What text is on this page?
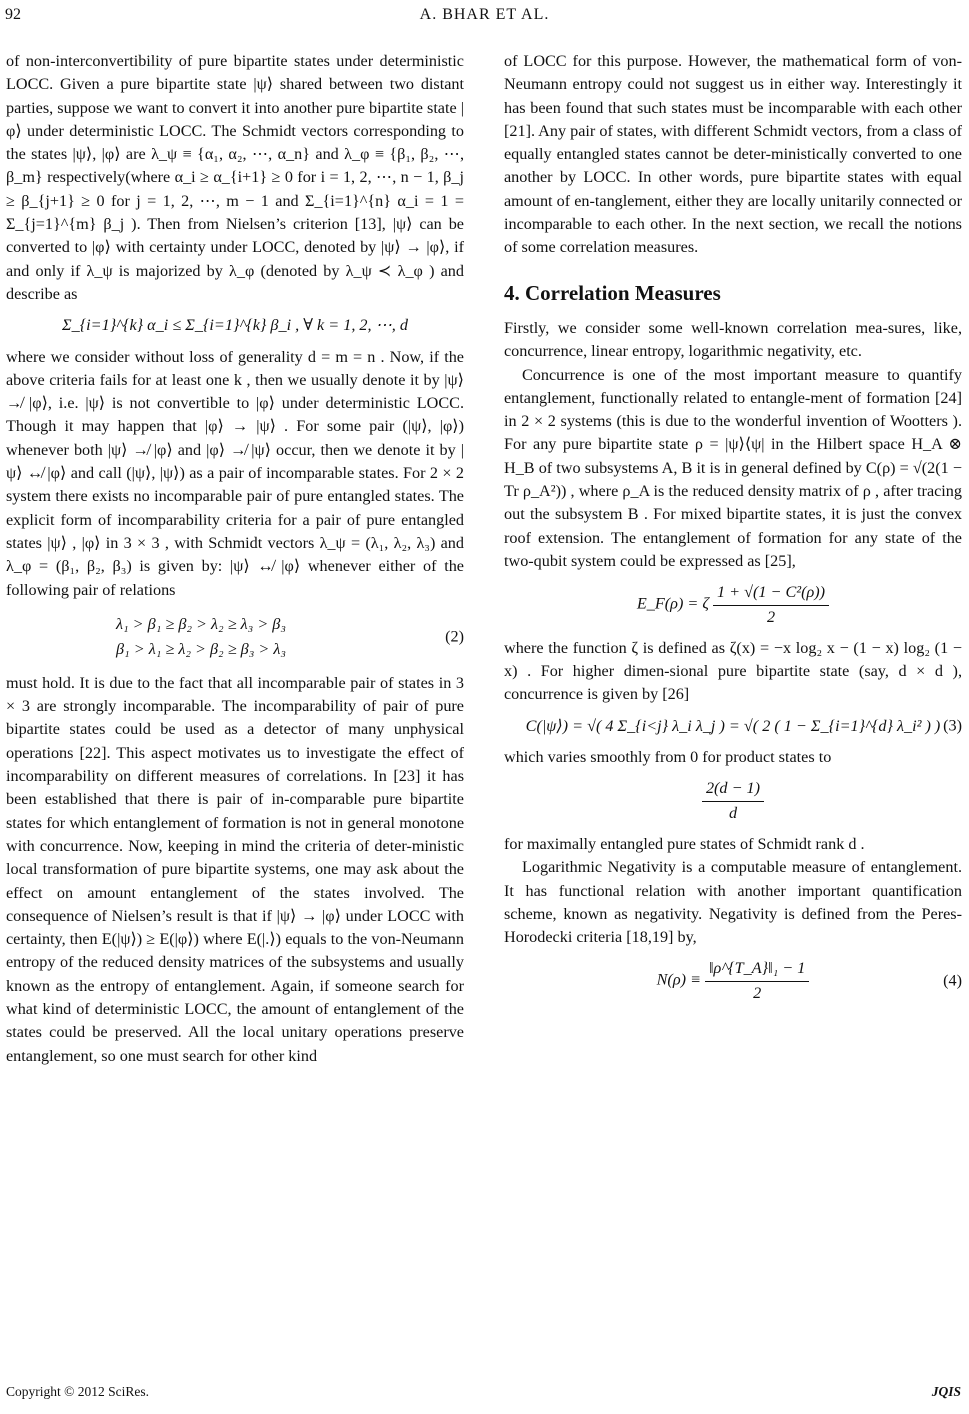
92	A. BHAR ET AL.

of non-interconvertibility of pure bipartite states under deterministic LOCC. Given a pure bipartite state |ψ⟩ shared between two distant parties, suppose we want to convert it into another pure bipartite state |φ⟩ under deterministic LOCC. The Schmidt vectors corresponding to the states |ψ⟩, |φ⟩ are λ_ψ ≡ {α₁, α₂, ⋯, α_n} and λ_φ ≡ {β₁, β₂, ⋯, β_m} respectively(where α_i ≥ α_{i+1} ≥ 0 for i = 1, 2, ⋯, n − 1, β_j ≥ β_{j+1} ≥ 0 for j = 1, 2, ⋯, m − 1 and Σ_{i=1}^{n} α_i = 1 = Σ_{j=1}^{m} β_j ). Then from Nielsen’s criterion [13], |ψ⟩ can be converted to |φ⟩ with certainty under LOCC, denoted by |ψ⟩ → |φ⟩, if and only if λ_ψ is majorized by λ_φ (denoted by λ_ψ ≺ λ_φ ) and describe as

Σ_{i=1}^{k} α_i ≤ Σ_{i=1}^{k} β_i , ∀ k = 1, 2, ⋯, d

where we consider without loss of generality d = m = n . Now, if the above criteria fails for at least one k , then we usually denote it by |ψ⟩ ↛ |φ⟩, i.e. |ψ⟩ is not convertible to |φ⟩ under deterministic LOCC. Though it may happen that |φ⟩ → |ψ⟩ . For some pair (|ψ⟩, |φ⟩) whenever both |ψ⟩ ↛ |φ⟩ and |φ⟩ ↛ |ψ⟩ occur, then we denote it by |ψ⟩ ↮ |φ⟩ and call (|ψ⟩, |ψ⟩) as a pair of incomparable states. For 2 × 2 system there exists no incomparable pair of pure entangled states. The explicit form of incomparability criteria for a pair of pure entangled states |ψ⟩ , |φ⟩ in 3 × 3 , with Schmidt vectors λ_ψ = (λ₁, λ₂, λ₃) and λ_φ = (β₁, β₂, β₃) is given by: |ψ⟩ ↮ |φ⟩ whenever either of the following pair of relations

λ₁ > β₁ ≥ β₂ > λ₂ ≥ λ₃ > β₃
β₁ > λ₁ ≥ λ₂ > β₂ ≥ β₃ > λ₃
(2)

must hold. It is due to the fact that all incomparable pair of states in 3 × 3 are strongly incomparable. The incomparability of pair of pure bipartite states could be used as a detector of many unphysical operations [22]. This aspect motivates us to investigate the effect of incomparability on different measures of correlations. In [23] it has been established that there is pair of in-comparable pure bipartite states for which entanglement of formation is not in general monotone with concurrence. Now, keeping in mind the criteria of deter-ministic local transformation of pure bipartite systems, one may ask about the effect on amount entanglement of the states involved. The consequence of Nielsen’s result is that if |ψ⟩ → |φ⟩ under LOCC with certainty, then E(|ψ⟩) ≥ E(|φ⟩) where E(|.⟩) equals to the von-Neumann entropy of the reduced density matrices of the subsystems and usually known as the entropy of entanglement. Again, if someone search for what kind of deterministic LOCC, the amount of entanglement of the states could be preserved. All the local unitary operations preserve entanglement, so one must search for other kind

of LOCC for this purpose. However, the mathematical form of von-Neumann entropy could not suggest us in either way. Interestingly it has been found that such states must be incomparable with each other [21]. Any pair of states, with different Schmidt vectors, from a class of equally entangled states cannot be deter-ministically converted to one another by LOCC. In other words, pure bipartite states with equal amount of en-tanglement, either they are locally unitarily connected or incomparable to each other. In the next section, we recall the notions of some correlation measures.

4. Correlation Measures

Firstly, we consider some well-known correlation mea-sures, like, concurrence, linear entropy, logarithmic negativity, etc.

Concurrence is one of the most important measure to quantify entanglement, functionally related to entangle-ment of formation [24] in 2 × 2 systems (this is due to the wonderful invention of Wootters ). For any pure bipartite state ρ = |ψ⟩⟨ψ| in the Hilbert space H_A ⊗ H_B of two subsystems A, B it is in general defined by C(ρ) = √(2(1 − Tr ρ_A²)) , where ρ_A is the reduced density matrix of ρ , after tracing out the subsystem B . For mixed bipartite states, it is just the convex roof extension. The entanglement of formation for any state of the two-qubit system could be expressed as [25],

E_F(ρ) = ζ $\frac{\text{1 + √(1 − C²(ρ))}}{2}$

where the function ζ is defined as ζ(x) = −x log₂ x − (1 − x) log₂ (1 − x) . For higher dimen-sional pure bipartite state (say, d × d ), concurrence is given by [26]

C(|ψ⟩) = √( 4 Σ_{i<j} λ_i λ_j ) = √( 2 ( 1 − Σ_{i=1}^{d} λ_i² ) ) (3)

which varies smoothly from 0 for product states to

$\frac{2(d - 1)}{d}$

for maximally entangled pure states of Schmidt rank d .

Logarithmic Negativity is a computable measure of entanglement. It has functional relation with another important quantification scheme, known as negativity. Negativity is defined from the Peres-Horodecki criteria [18,19] by,

$N(\rho) \equiv \frac{\text{‖ρ\textasciicircum{}\{T\_A\}‖₁ − 1}}{2}$	(4)
Copyright © 2012 SciRes.	JQIS
